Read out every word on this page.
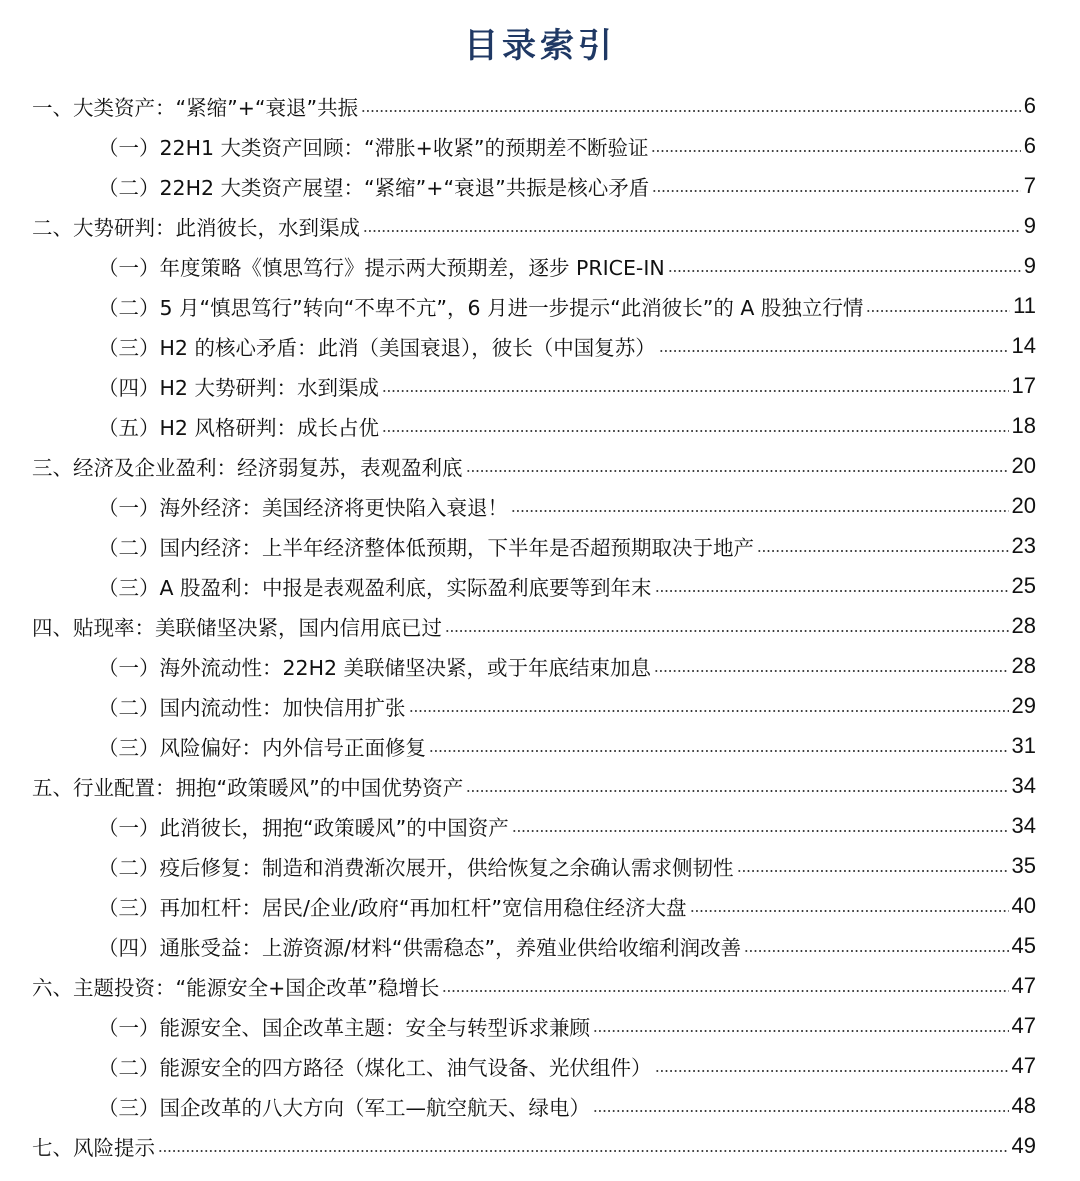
目录索引
一、大类资产：“紧缩”+“衰退”共振	6
（一）22H1 大类资产回顾：“滞胀+收紧”的预期差不断验证	6
（二）22H2 大类资产展望：“紧缩”+“衰退”共振是核心矛盾	7
二、大势研判：此消彼长，水到渠成	9
（一）年度策略《慎思笃行》提示两大预期差，逐步 PRICE-IN	9
（二）5 月“慎思笃行”转向“不卑不亢”，6 月进一步提示“此消彼长”的 A 股独立行情	11
（三）H2 的核心矛盾：此消（美国衰退），彼长（中国复苏）	14
（四）H2 大势研判：水到渠成	17
（五）H2 风格研判：成长占优	18
三、经济及企业盈利：经济弱复苏，表观盈利底	20
（一）海外经济：美国经济将更快陷入衰退！	20
（二）国内经济：上半年经济整体低预期，下半年是否超预期取决于地产	23
（三）A 股盈利：中报是表观盈利底，实际盈利底要等到年末	25
四、贴现率：美联储坚决紧，国内信用底已过	28
（一）海外流动性：22H2 美联储坚决紧，或于年底结束加息	28
（二）国内流动性：加快信用扩张	29
（三）风险偏好：内外信号正面修复	31
五、行业配置：拥抱“政策暖风”的中国优势资产	34
（一）此消彼长，拥抱“政策暖风”的中国资产	34
（二）疫后修复：制造和消费渐次展开，供给恢复之余确认需求侧韧性	35
（三）再加杠杆：居民/企业/政府“再加杠杆”宽信用稳住经济大盘	40
（四）通胀受益：上游资源/材料“供需稳态”，养殖业供给收缩利润改善	45
六、主题投资：“能源安全+国企改革”稳增长	47
（一）能源安全、国企改革主题：安全与转型诉求兼顾	47
（二）能源安全的四方路径（煤化工、油气设备、光伏组件）	47
（三）国企改革的八大方向（军工—航空航天、绿电）	48
七、风险提示	49
